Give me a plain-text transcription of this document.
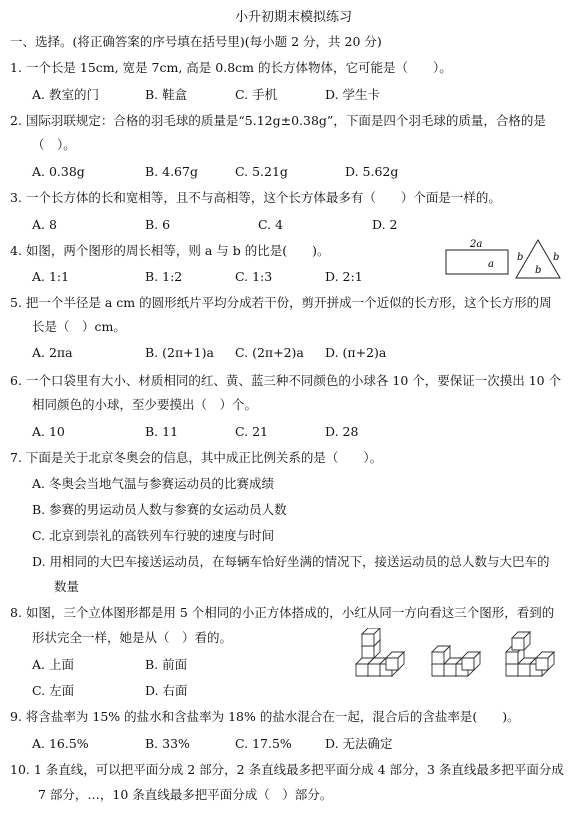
小升初期末模拟练习
一、选择。(将正确答案的序号填在括号里)(每小题 2 分，共 20 分)
1. 一个长是 15cm, 宽是 7cm, 高是 0.8cm 的长方体物体，它可能是（　　）。
A. 教室的门	B. 鞋盒	C. 手机	D. 学生卡
2. 国际羽联规定：合格的羽毛球的质量是“5.12g±0.38g”，下面是四个羽毛球的质量，合格的是
（　）。
A. 0.38g	B. 4.67g	C. 5.21g	D. 5.62g
3. 一个长方体的长和宽相等，且不与高相等，这个长方体最多有（　　）个面是一样的。
A. 8	B. 6	C. 4	D. 2
4. 如图，两个图形的周长相等，则 a 与 b 的比是(　　)。
A. 1:1	B. 1:2	C. 1:3	D. 2:1
2a
a
b	b
b
5. 把一个半径是 a cm 的圆形纸片平均分成若干份，剪开拼成一个近似的长方形，这个长方形的周
长是（　）cm。
A. 2πa	B. (2π+1)a C. (2π+2)a D. (π+2)a
6. 一个口袋里有大小、材质相同的红、黄、蓝三种不同颜色的小球各 10 个，要保证一次摸出 10 个
相同颜色的小球，至少要摸出（　）个。
A. 10	B. 11	C. 21	D. 28
7. 下面是关于北京冬奥会的信息，其中成正比例关系的是（　　）。
A. 冬奥会当地气温与参赛运动员的比赛成绩
B. 参赛的男运动员人数与参赛的女运动员人数
C. 北京到崇礼的高铁列车行驶的速度与时间
D. 用相同的大巴车接送运动员，在每辆车恰好坐满的情况下，接送运动员的总人数与大巴车的
数量
8. 如图，三个立体图形都是用 5 个相同的小正方体搭成的，小红从同一方向看这三个图形，看到的
形状完全一样，她是从（　）看的。
A. 上面	B. 前面
C. 左面	D. 右面
9. 将含盐率为 15% 的盐水和含盐率为 18% 的盐水混合在一起，混合后的含盐率是(　　)。
A. 16.5%	B. 33%	C. 17.5%	D. 无法确定
10. 1 条直线，可以把平面分成 2 部分，2 条直线最多把平面分成 4 部分，3 条直线最多把平面分成
7 部分，…，10 条直线最多把平面分成（　）部分。
